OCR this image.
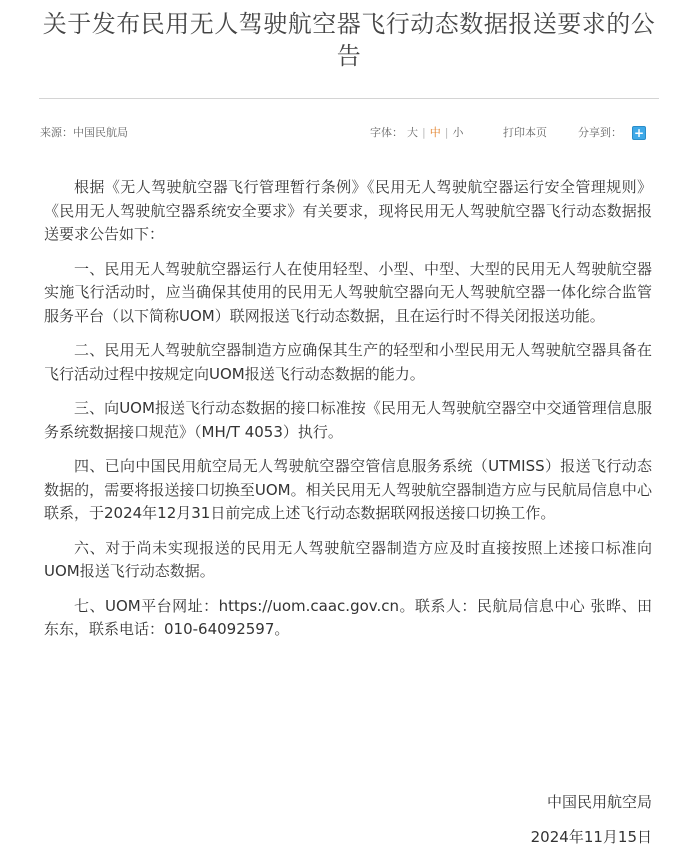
关于发布民用无人驾驶航空器飞行动态数据报送要求的公告
来源：中国民航局	字体： 大 | 中 | 小	打印本页	分享到： +

根据《无人驾驶航空器飞行管理暂行条例》《民用无人驾驶航空器运行安全管理规则》《民用无人驾驶航空器系统安全要求》有关要求，现将民用无人驾驶航空器飞行动态数据报送要求公告如下：

一、民用无人驾驶航空器运行人在使用轻型、小型、中型、大型的民用无人驾驶航空器实施飞行活动时，应当确保其使用的民用无人驾驶航空器向无人驾驶航空器一体化综合监管服务平台（以下简称UOM）联网报送飞行动态数据，且在运行时不得关闭报送功能。

二、民用无人驾驶航空器制造方应确保其生产的轻型和小型民用无人驾驶航空器具备在飞行活动过程中按规定向UOM报送飞行动态数据的能力。

三、向UOM报送飞行动态数据的接口标准按《民用无人驾驶航空器空中交通管理信息服务系统数据接口规范》（MH/T 4053）执行。

四、已向中国民用航空局无人驾驶航空器空管信息服务系统（UTMISS）报送飞行动态数据的，需要将报送接口切换至UOM。相关民用无人驾驶航空器制造方应与民航局信息中心联系，于2024年12月31日前完成上述飞行动态数据联网报送接口切换工作。

六、对于尚未实现报送的民用无人驾驶航空器制造方应及时直接按照上述接口标准向UOM报送飞行动态数据。

七、UOM平台网址：https://uom.caac.gov.cn。联系人：民航局信息中心 张晔、田东东，联系电话：010-64092597。

中国民用航空局
2024年11月15日
